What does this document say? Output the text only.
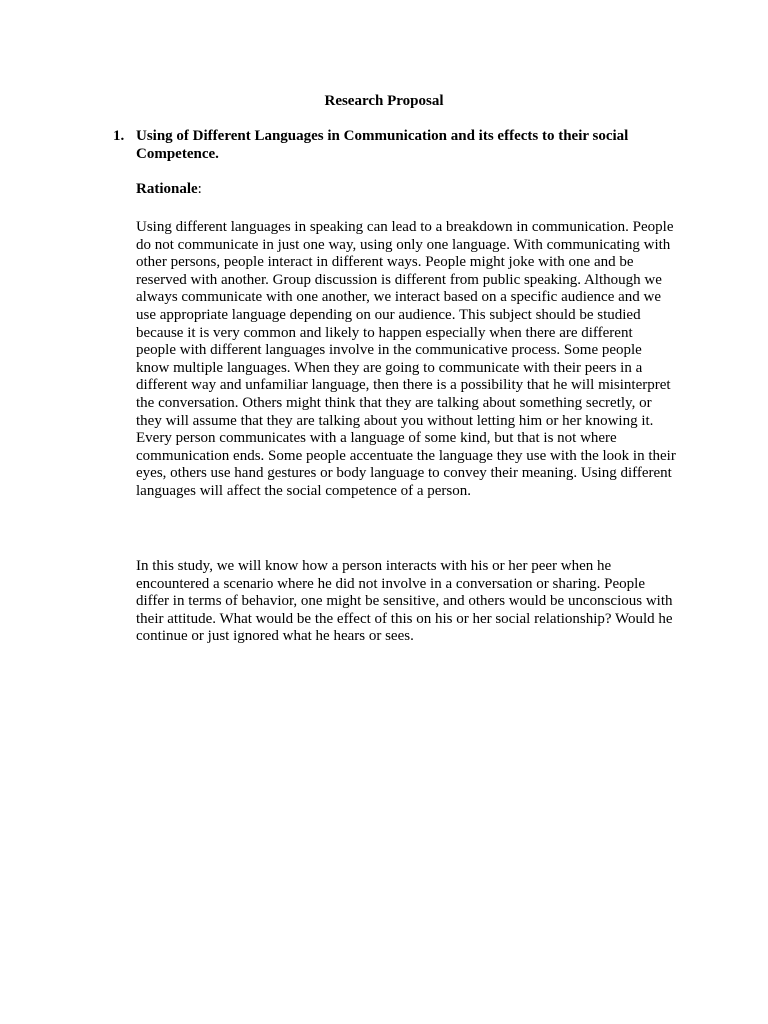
Research Proposal
1. Using of Different Languages in Communication and its effects to their social
Competence.

Rationale:

Using different languages in speaking can lead to a breakdown in communication. People
do not communicate in just one way, using only one language. With communicating with
other persons, people interact in different ways. People might joke with one and be
reserved with another. Group discussion is different from public speaking. Although we
always communicate with one another, we interact based on a specific audience and we
use appropriate language depending on our audience. This subject should be studied
because it is very common and likely to happen especially when there are different
people with different languages involve in the communicative process. Some people
know multiple languages. When they are going to communicate with their peers in a
different way and unfamiliar language, then there is a possibility that he will misinterpret
the conversation. Others might think that they are talking about something secretly, or
they will assume that they are talking about you without letting him or her knowing it.
Every person communicates with a language of some kind, but that is not where
communication ends. Some people accentuate the language they use with the look in their
eyes, others use hand gestures or body language to convey their meaning. Using different
languages will affect the social competence of a person.

In this study, we will know how a person interacts with his or her peer when he
encountered a scenario where he did not involve in a conversation or sharing. People
differ in terms of behavior, one might be sensitive, and others would be unconscious with
their attitude. What would be the effect of this on his or her social relationship? Would he
continue or just ignored what he hears or sees.
